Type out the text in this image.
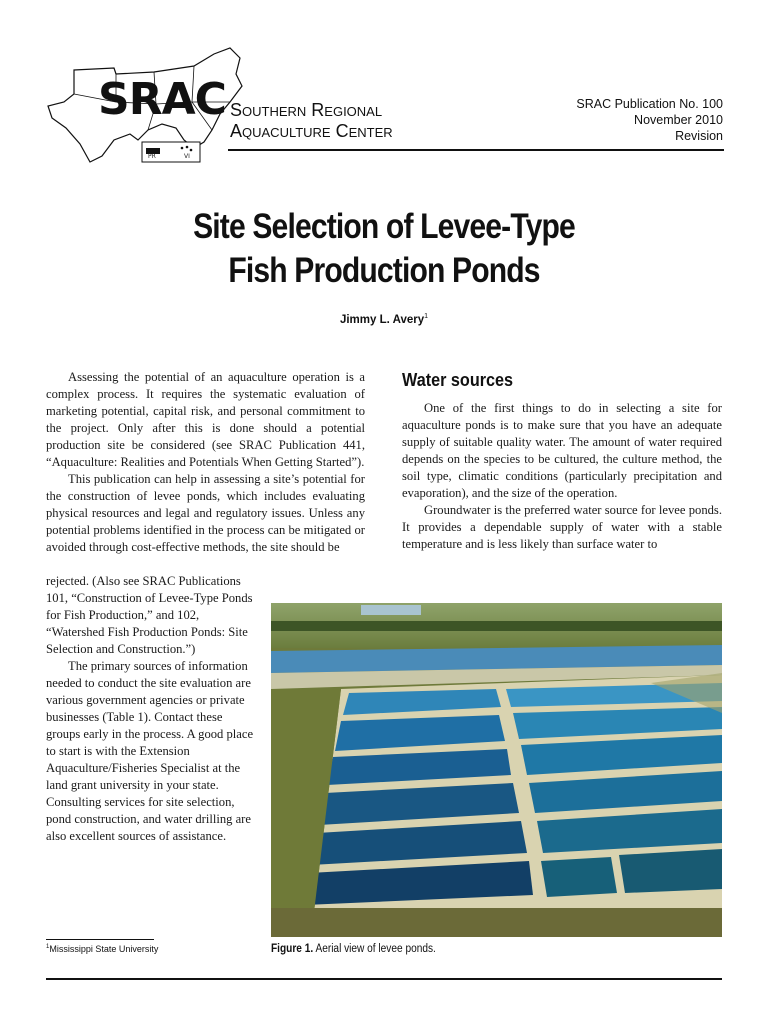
SRAC
PR	VI
Southern Regional
Aquaculture Center
SRAC Publication No. 100
November 2010
Revision
Site Selection of Levee-Type
Fish Production Ponds
Jimmy L. Avery$^1$

Assessing the potential of an aquaculture operation is a complex process. It requires the systematic evaluation of marketing potential, capital risk, and personal commitment to the project. Only after this is done should a potential production site be considered (see SRAC Publication 441, “Aquaculture: Realities and Potentials When Getting Started”).

This publication can help in assessing a site’s potential for the construction of levee ponds, which includes evaluating physical resources and legal and regulatory issues. Unless any potential problems identified in the process can be mitigated or avoided through cost-effective methods, the site should be

rejected. (Also see SRAC Publications 101, “Construction of Levee-Type Ponds for Fish Production,” and 102, “Watershed Fish Production Ponds: Site Selection and Construction.”)

The primary sources of information needed to conduct the site evaluation are various government agencies or private businesses (Table 1). Contact these groups early in the process. A good place to start is with the Extension Aquaculture/Fisheries Specialist at the land grant university in your state. Consulting services for site selection, pond construction, and water drilling are also excellent sources of assistance.

Water sources

One of the first things to do in selecting a site for aquaculture ponds is to make sure that you have an adequate supply of suitable quality water. The amount of water required depends on the species to be cultured, the culture method, the soil type, climatic conditions (particularly precipitation and evaporation), and the size of the operation.

Groundwater is the preferred water source for levee ponds. It provides a dependable supply of water with a stable temperature and is less likely than surface water to

Figure 1. Aerial view of levee ponds.
$^1$Mississippi State University
